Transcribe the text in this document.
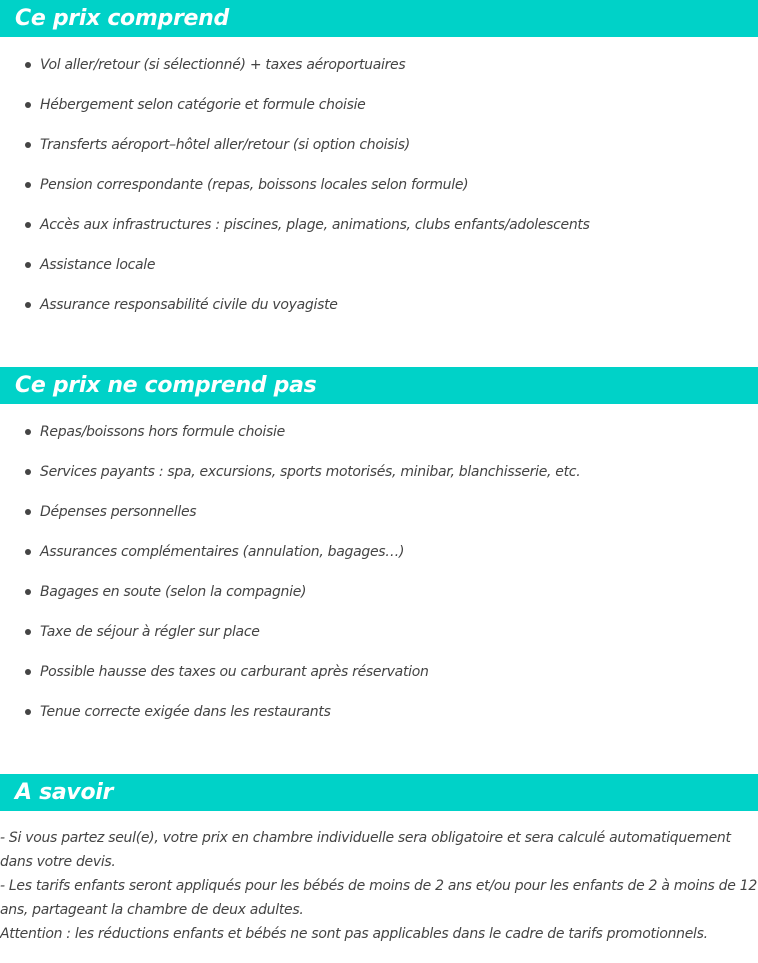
Ce prix comprend
Vol aller/retour (si sélectionné) + taxes aéroportuaires
Hébergement selon catégorie et formule choisie
Transferts aéroport–hôtel aller/retour (si option choisis)
Pension correspondante (repas, boissons locales selon formule)
Accès aux infrastructures : piscines, plage, animations, clubs enfants/adolescents
Assistance locale
Assurance responsabilité civile du voyagiste
Ce prix ne comprend pas
Repas/boissons hors formule choisie
Services payants : spa, excursions, sports motorisés, minibar, blanchisserie, etc.
Dépenses personnelles
Assurances complémentaires (annulation, bagages…)
Bagages en soute (selon la compagnie)
Taxe de séjour à régler sur place
Possible hausse des taxes ou carburant après réservation
Tenue correcte exigée dans les restaurants
A savoir

- Si vous partez seul(e), votre prix en chambre individuelle sera obligatoire et sera calculé automatiquement dans votre devis.

- Les tarifs enfants seront appliqués pour les bébés de moins de 2 ans et/ou pour les enfants de 2 à moins de 12 ans, partageant la chambre de deux adultes.

Attention : les réductions enfants et bébés ne sont pas applicables dans le cadre de tarifs promotionnels.
